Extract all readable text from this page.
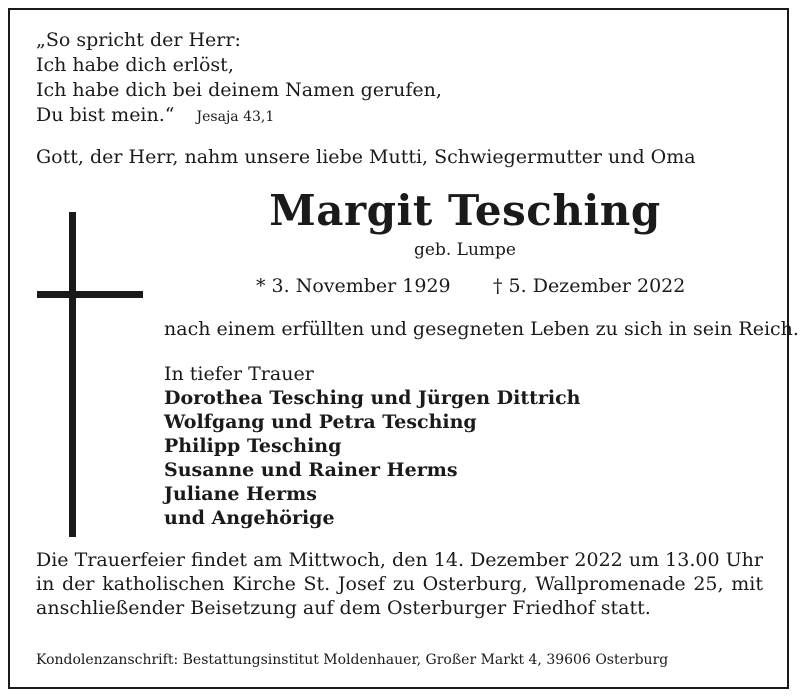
„So spricht der Herr:
Ich habe dich erlöst,
Ich habe dich bei deinem Namen gerufen,
Du bist mein.“ Jesaja 43,1
Gott, der Herr, nahm unsere liebe Mutti, Schwiegermutter und Oma
Margit Tesching
geb. Lumpe
* 3. November 1929 † 5. Dezember 2022
nach einem erfüllten und gesegneten Leben zu sich in sein Reich.
In tiefer Trauer
Dorothea Tesching und Jürgen Dittrich
Wolfgang und Petra Tesching
Philipp Tesching
Susanne und Rainer Herms
Juliane Herms
und Angehörige
Die Trauerfeier findet am Mittwoch, den 14. Dezember 2022 um 13.00 Uhr in der katholischen Kirche St. Josef zu Osterburg, Wallpromenade 25, mit anschließender Beisetzung auf dem Osterburger Friedhof statt.
Kondolenzanschrift: Bestattungsinstitut Moldenhauer, Großer Markt 4, 39606 Osterburg
